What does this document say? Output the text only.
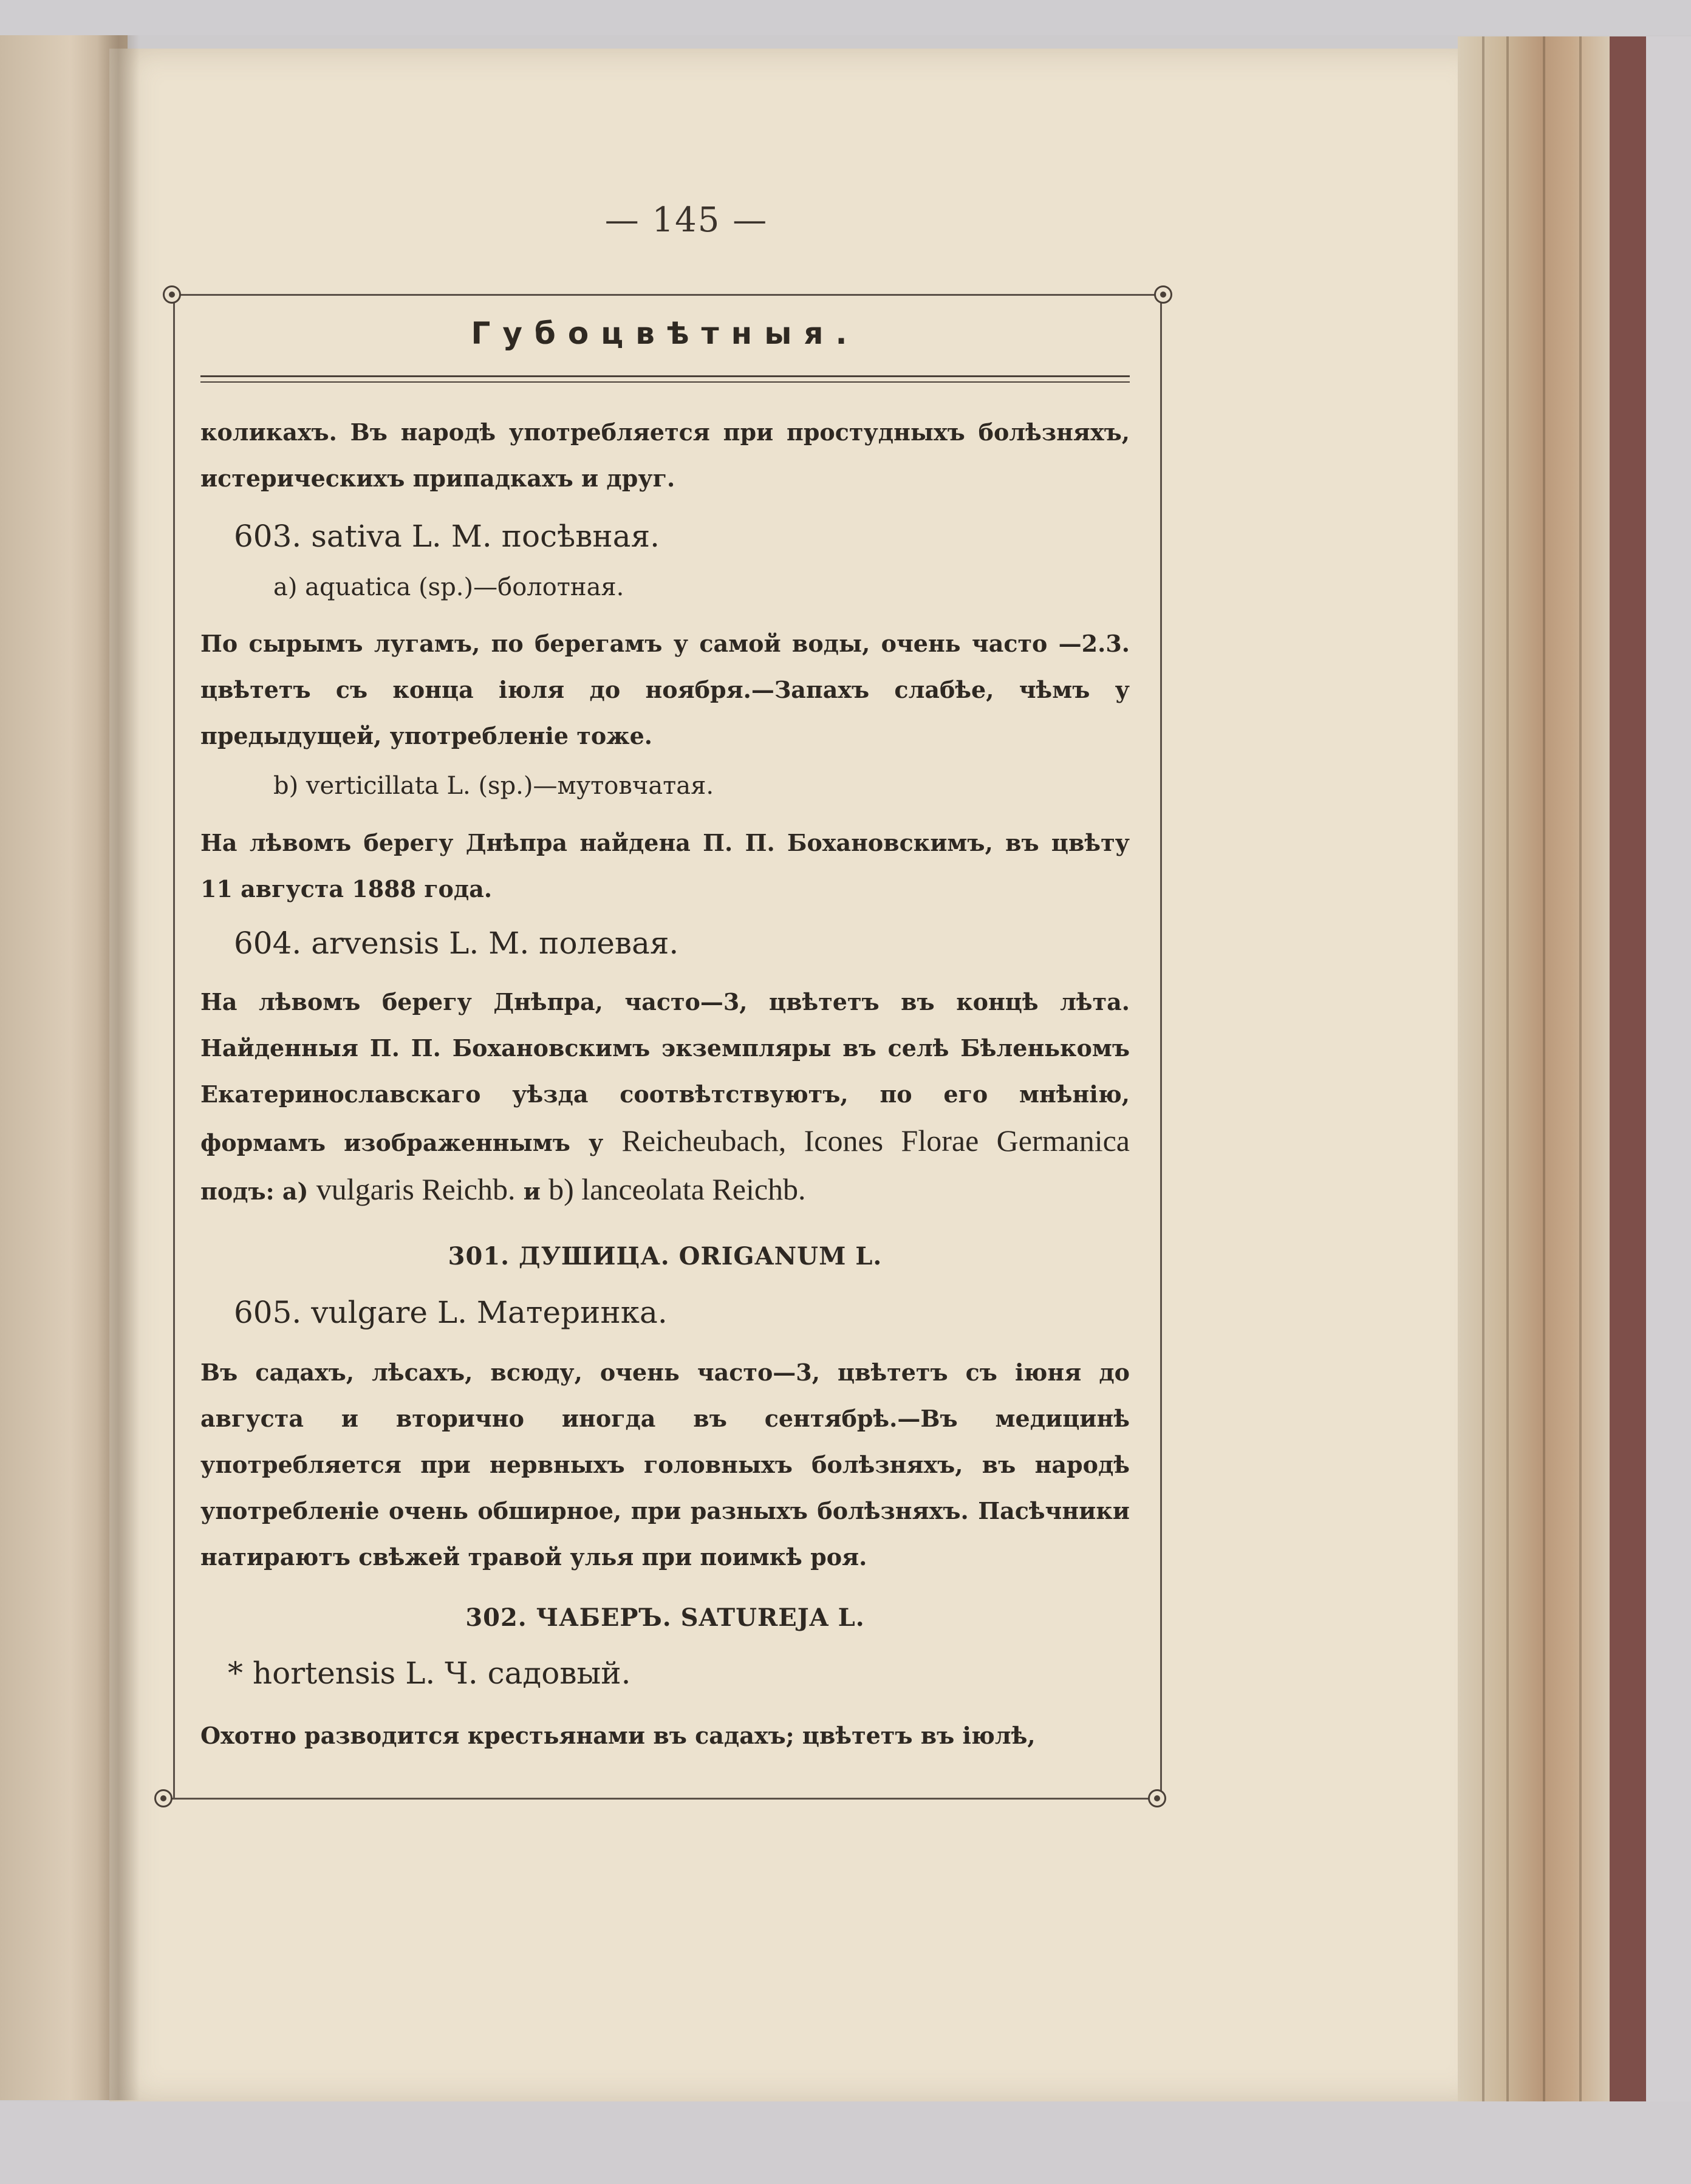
— 145 —
Губоцвѣтныя.
коликахъ. Въ народѣ употребляется при простудныхъ болѣзняхъ, истерическихъ припадкахъ и друг.
603. sativa L. M. посѣвная.
a) aquatica (sp.)—болотная.
По сырымъ лугамъ, по берегамъ у самой воды, очень часто —2.3. цвѣтетъ съ конца іюля до ноября.—Запахъ слабѣе, чѣмъ у предыдущей, употребленіе тоже.
b) verticillata L. (sp.)—мутовчатая.
На лѣвомъ берегу Днѣпра найдена П. П. Бохановскимъ, въ цвѣту 11 августа 1888 года.
604. arvensis L. M. полевая.
На лѣвомъ берегу Днѣпра, часто—3, цвѣтетъ въ концѣ лѣта. Найденныя П. П. Бохановскимъ экземпляры въ селѣ Бѣленькомъ Екатеринославскаго уѣзда соотвѣтствуютъ, по его мнѣнію, формамъ изображеннымъ у Reicheubach, Icones Florae Germanica подъ: a) vulgaris Reichb. и b) lanceolata Reichb.
301. ДУШИЦА. ORIGANUM L.
605. vulgare L. Материнка.
Въ садахъ, лѣсахъ, всюду, очень часто—3, цвѣтетъ съ іюня до августа и вторично иногда въ сентябрѣ.—Въ медицинѣ употребляется при нервныхъ головныхъ болѣзняхъ, въ народѣ употребленіе очень обширное, при разныхъ болѣзняхъ. Пасѣчники натираютъ свѣжей травой улья при поимкѣ роя.
302. ЧАБЕРЪ. SATUREJA L.
* hortensis L. Ч. садовый.
Охотно разводится крестьянами въ садахъ; цвѣтетъ въ іюлѣ,
